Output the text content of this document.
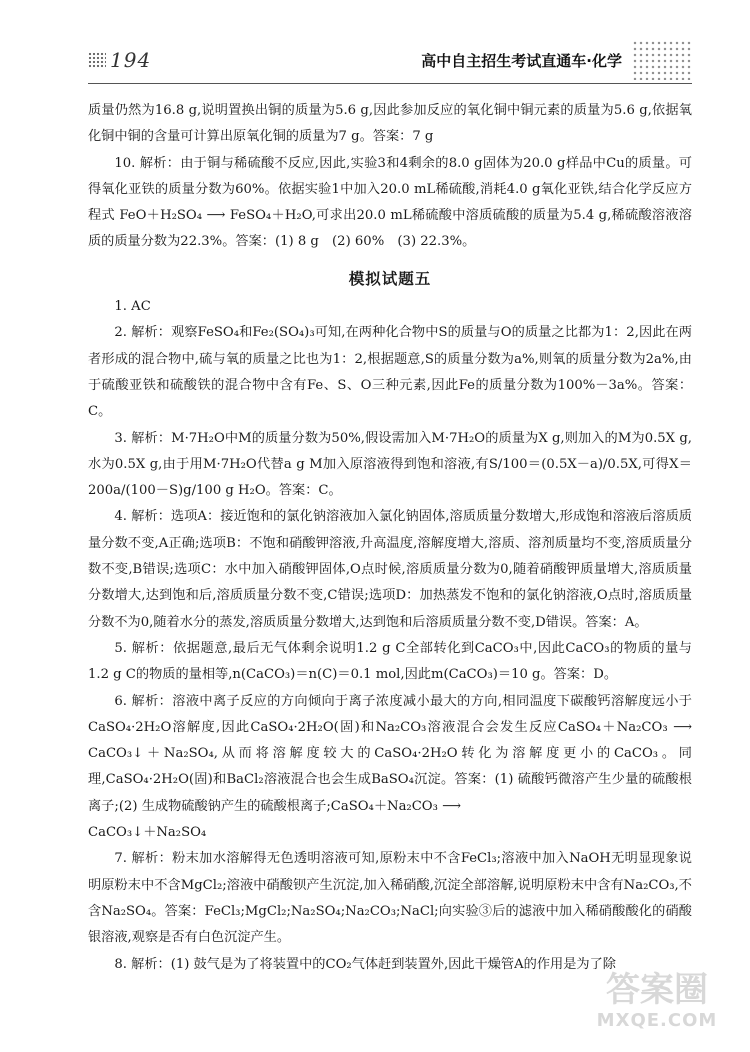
194	高中自主招生考试直通车·化学

质量仍然为16.8 g,说明置换出铜的质量为5.6 g,因此参加反应的氧化铜中铜元素的质量为5.6 g,依据氧化铜中铜的含量可计算出原氧化铜的质量为7 g。答案：7 g

10. 解析：由于铜与稀硫酸不反应,因此,实验3和4剩余的8.0 g固体为20.0 g样品中Cu的质量。可得氧化亚铁的质量分数为60%。依据实验1中加入20.0 mL稀硫酸,消耗4.0 g氧化亚铁,结合化学反应方程式 FeO＋H₂SO₄ ⟶ FeSO₄＋H₂O,可求出20.0 mL稀硫酸中溶质硫酸的质量为5.4 g,稀硫酸溶液溶质的质量分数为22.3%。答案：(1) 8 g　(2) 60%　(3) 22.3%。

模拟试题五

1. AC

2. 解析：观察FeSO₄和Fe₂(SO₄)₃可知,在两种化合物中S的质量与O的质量之比都为1：2,因此在两者形成的混合物中,硫与氧的质量之比也为1：2,根据题意,S的质量分数为a%,则氧的质量分数为2a%,由于硫酸亚铁和硫酸铁的混合物中含有Fe、S、O三种元素,因此Fe的质量分数为100%－3a%。答案：C。

3. 解析：M·7H₂O中M的质量分数为50%,假设需加入M·7H₂O的质量为X g,则加入的M为0.5X g,水为0.5X g,由于用M·7H₂O代替a g M加入原溶液得到饱和溶液,有S/100＝(0.5X－a)/0.5X,可得X＝200a/(100－S)g/100 g H₂O。答案：C。

4. 解析：选项A：接近饱和的氯化钠溶液加入氯化钠固体,溶质质量分数增大,形成饱和溶液后溶质质量分数不变,A正确;选项B：不饱和硝酸钾溶液,升高温度,溶解度增大,溶质、溶剂质量均不变,溶质质量分数不变,B错误;选项C：水中加入硝酸钾固体,O点时候,溶质质量分数为0,随着硝酸钾质量增大,溶质质量分数增大,达到饱和后,溶质质量分数不变,C错误;选项D：加热蒸发不饱和的氯化钠溶液,O点时,溶质质量分数不为0,随着水分的蒸发,溶质质量分数增大,达到饱和后溶质质量分数不变,D错误。答案：A。

5. 解析：依据题意,最后无气体剩余说明1.2 g C全部转化到CaCO₃中,因此CaCO₃的物质的量与1.2 g C的物质的量相等,n(CaCO₃)＝n(C)＝0.1 mol,因此m(CaCO₃)＝10 g。答案：D。

6. 解析：溶液中离子反应的方向倾向于离子浓度减小最大的方向,相同温度下碳酸钙溶解度远小于CaSO₄·2H₂O溶解度,因此CaSO₄·2H₂O(固)和Na₂CO₃溶液混合会发生反应CaSO₄＋Na₂CO₃ ⟶ CaCO₃↓＋Na₂SO₄,从而将溶解度较大的CaSO₄·2H₂O转化为溶解度更小的CaCO₃。同理,CaSO₄·2H₂O(固)和BaCl₂溶液混合也会生成BaSO₄沉淀。答案：(1) 硫酸钙微溶产生少量的硫酸根离子;(2) 生成物硫酸钠产生的硫酸根离子;CaSO₄＋Na₂CO₃ ⟶

CaCO₃↓＋Na₂SO₄

7. 解析：粉末加水溶解得无色透明溶液可知,原粉末中不含FeCl₃;溶液中加入NaOH无明显现象说明原粉末中不含MgCl₂;溶液中硝酸钡产生沉淀,加入稀硝酸,沉淀全部溶解,说明原粉末中含有Na₂CO₃,不含Na₂SO₄。答案：FeCl₃;MgCl₂;Na₂SO₄;Na₂CO₃;NaCl;向实验③后的滤液中加入稀硝酸酸化的硝酸银溶液,观察是否有白色沉淀产生。

8. 解析：(1) 鼓气是为了将装置中的CO₂气体赶到装置外,因此干燥管A的作用是为了除

答案圈
MXQE.COM
